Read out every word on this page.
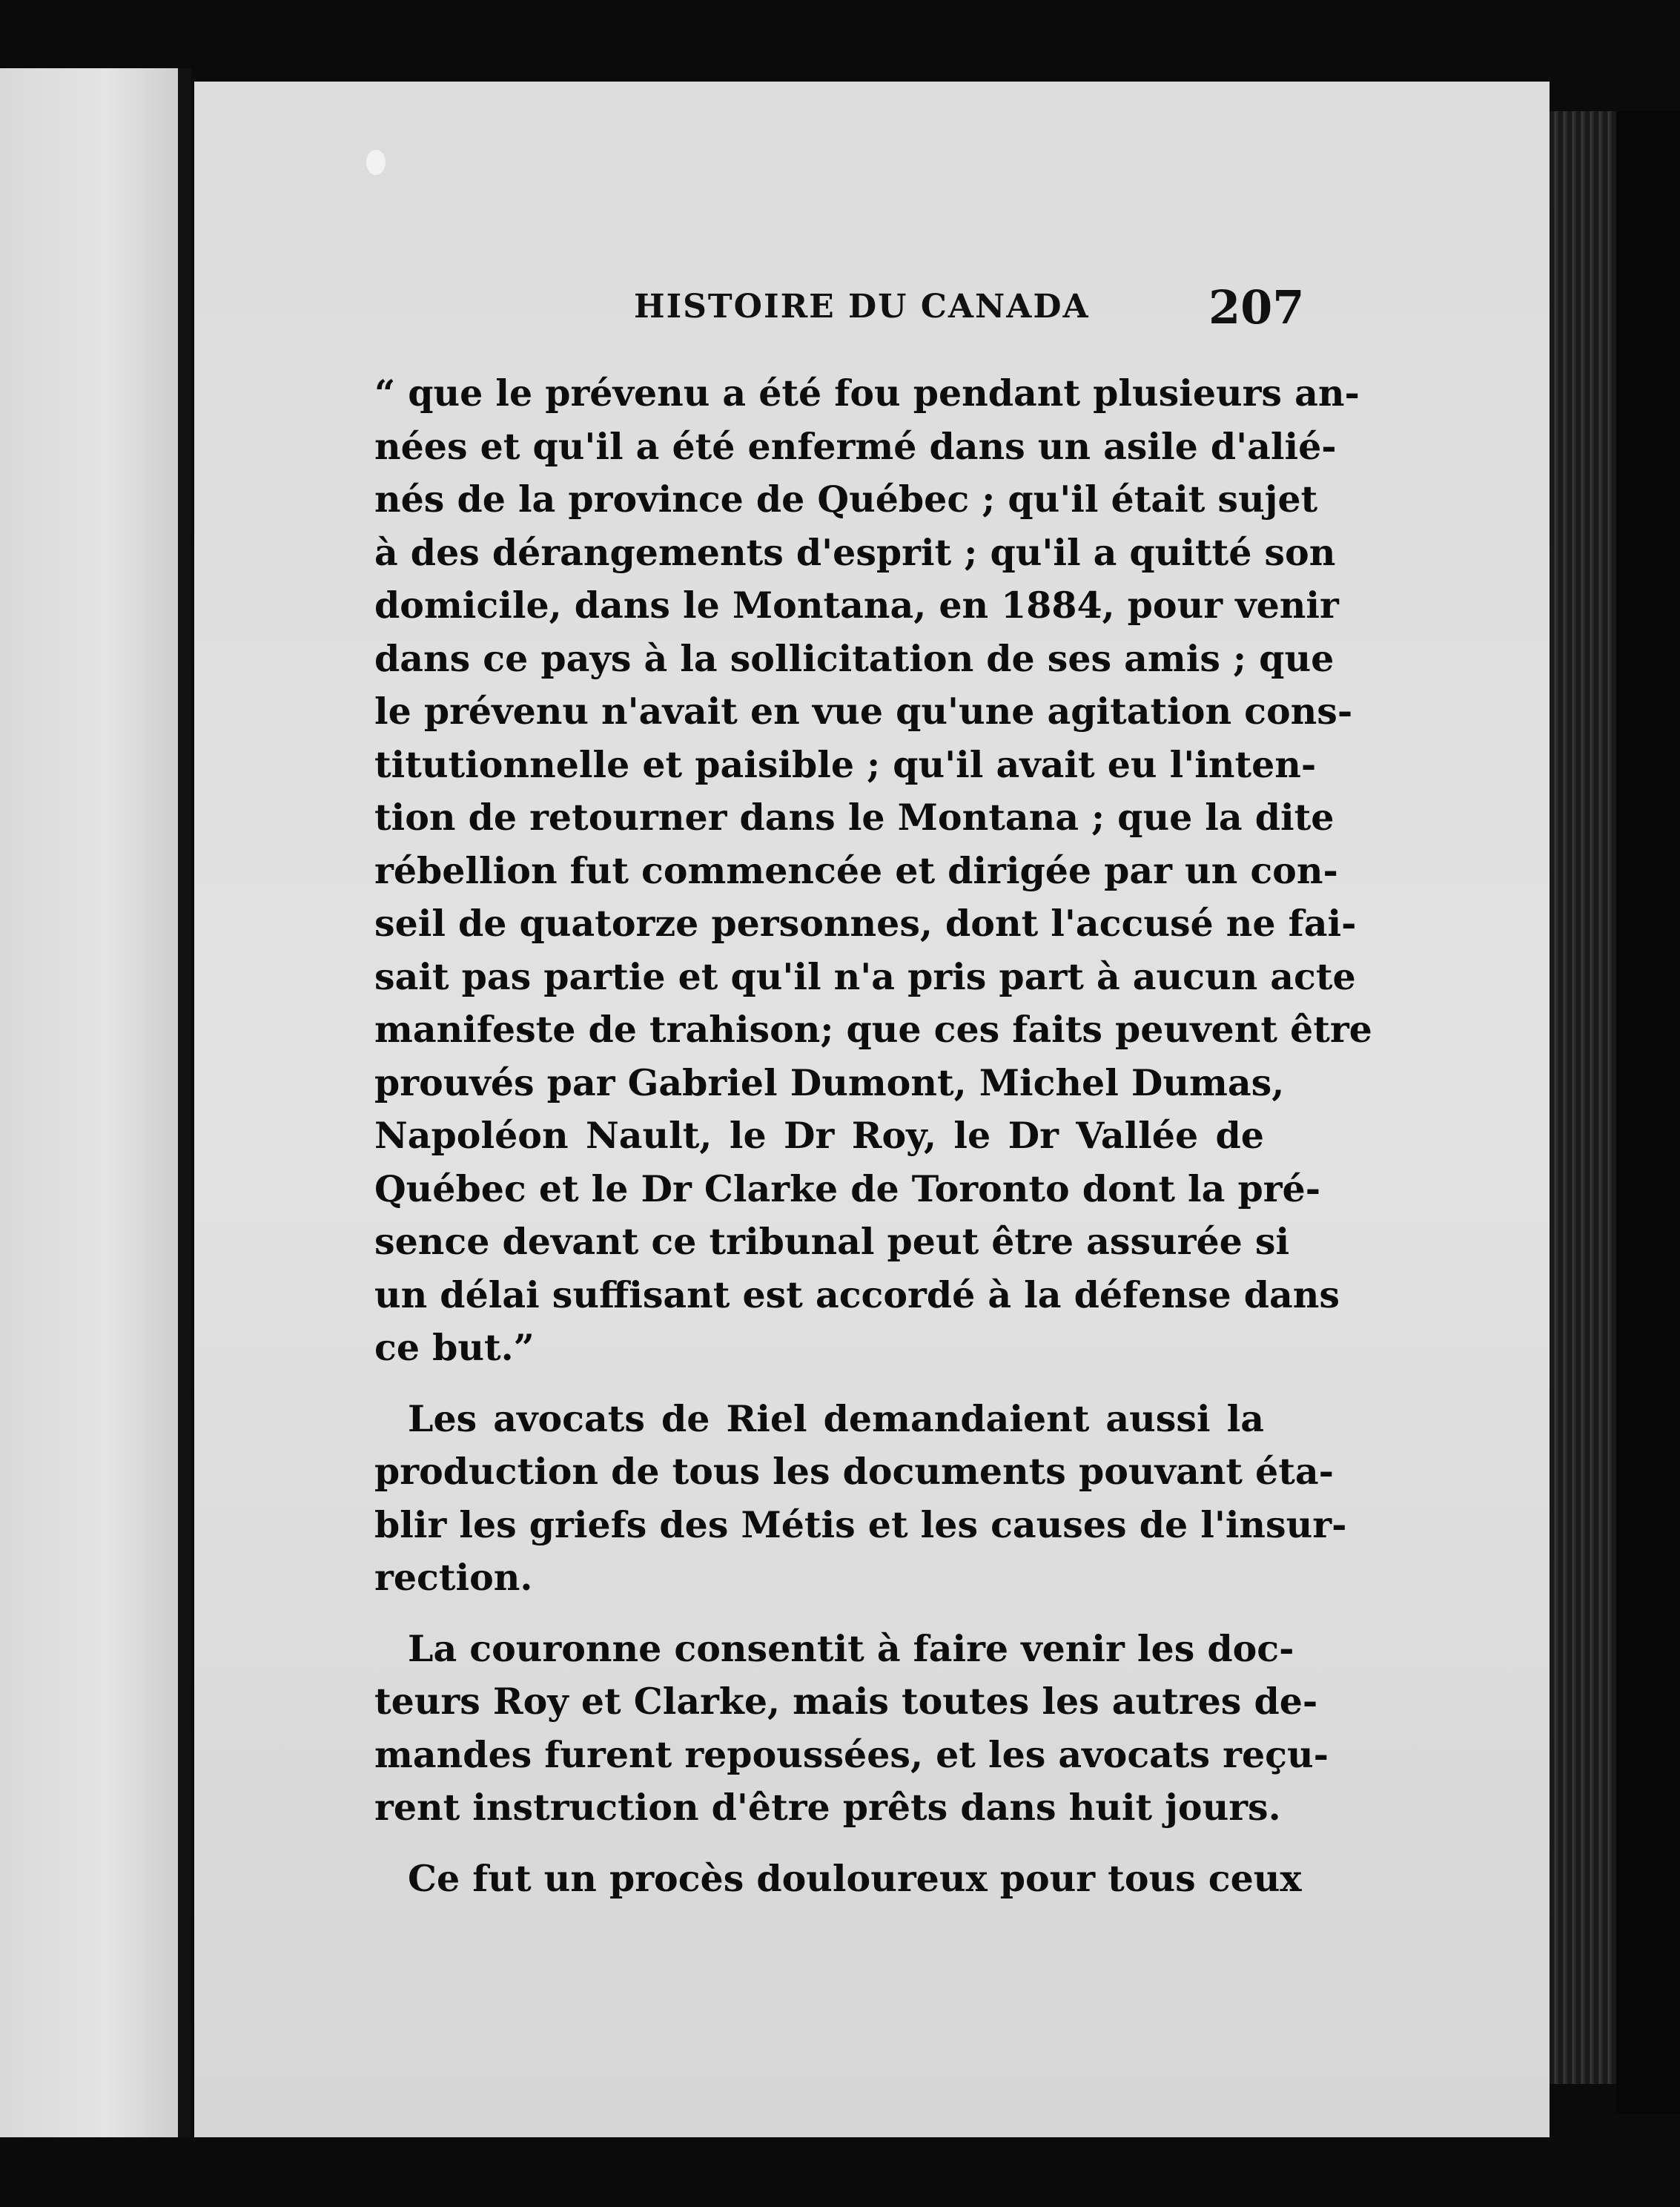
HISTOIRE DU CANADA	207
“ que le prévenu a été fou pendant plusieurs an-
nées et qu'il a été enfermé dans un asile d'alié-
nés de la province de Québec ; qu'il était sujet
à des dérangements d'esprit ; qu'il a quitté son
domicile, dans le Montana, en 1884, pour venir
dans ce pays à la sollicitation de ses amis ; que
le prévenu n'avait en vue qu'une agitation cons-
titutionnelle et paisible ; qu'il avait eu l'inten-
tion de retourner dans le Montana ; que la dite
rébellion fut commencée et dirigée par un con-
seil de quatorze personnes, dont l'accusé ne fai-
sait pas partie et qu'il n'a pris part à aucun acte
manifeste de trahison; que ces faits peuvent être
prouvés par Gabriel Dumont, Michel Dumas,
Napoléon Nault, le Dr Roy, le Dr Vallée de
Québec et le Dr Clarke de Toronto dont la pré-
sence devant ce tribunal peut être assurée si
un délai suffisant est accordé à la défense dans
ce but.”
Les avocats de Riel demandaient aussi la
production de tous les documents pouvant éta-
blir les griefs des Métis et les causes de l'insur-
rection.
La couronne consentit à faire venir les doc-
teurs Roy et Clarke, mais toutes les autres de-
mandes furent repoussées, et les avocats reçu-
rent instruction d'être prêts dans huit jours.
Ce fut un procès douloureux pour tous ceux
